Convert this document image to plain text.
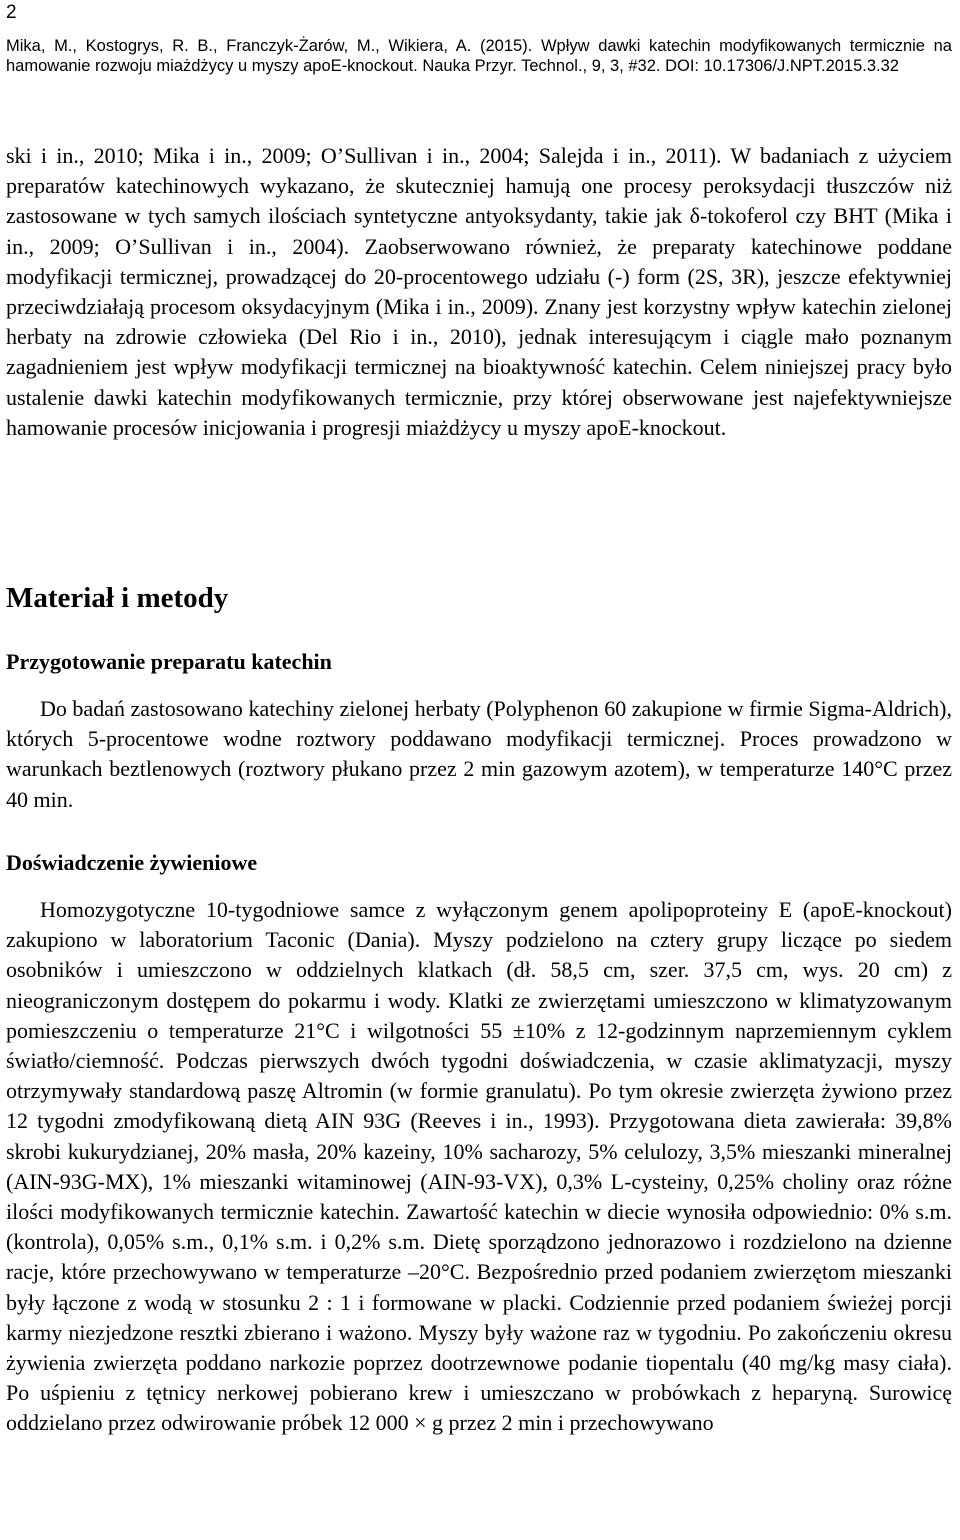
2
Mika, M., Kostogrys, R. B., Franczyk-Żarów, M., Wikiera, A. (2015). Wpływ dawki katechin modyfikowanych termicznie na hamowanie rozwoju miażdżycy u myszy apoE-knockout. Nauka Przyr. Technol., 9, 3, #32. DOI: 10.17306/J.NPT.2015.3.32

ski i in., 2010; Mika i in., 2009; O’Sullivan i in., 2004; Salejda i in., 2011). W badaniach z użyciem preparatów katechinowych wykazano, że skuteczniej hamują one procesy peroksydacji tłuszczów niż zastosowane w tych samych ilościach syntetyczne antyoksydanty, takie jak δ-tokoferol czy BHT (Mika i in., 2009; O’Sullivan i in., 2004). Zaobserwowano również, że preparaty katechinowe poddane modyfikacji termicznej, prowadzącej do 20-procentowego udziału (-) form (2S, 3R), jeszcze efektywniej przeciwdziałają procesom oksydacyjnym (Mika i in., 2009). Znany jest korzystny wpływ katechin zielonej herbaty na zdrowie człowieka (Del Rio i in., 2010), jednak interesującym i ciągle mało poznanym zagadnieniem jest wpływ modyfikacji termicznej na bioaktywność katechin. Celem niniejszej pracy było ustalenie dawki katechin modyfikowanych termicznie, przy której obserwowane jest najefektywniejsze hamowanie procesów inicjowania i progresji miażdżycy u myszy apoE-knockout.

Materiał i metody
Przygotowanie preparatu katechin

Do badań zastosowano katechiny zielonej herbaty (Polyphenon 60 zakupione w firmie Sigma-Aldrich), których 5-procentowe wodne roztwory poddawano modyfikacji termicznej. Proces prowadzono w warunkach beztlenowych (roztwory płukano przez 2 min gazowym azotem), w temperaturze 140°C przez 40 min.

Doświadczenie żywieniowe

Homozygotyczne 10-tygodniowe samce z wyłączonym genem apolipoproteiny E (apoE-knockout) zakupiono w laboratorium Taconic (Dania). Myszy podzielono na cztery grupy liczące po siedem osobników i umieszczono w oddzielnych klatkach (dł. 58,5 cm, szer. 37,5 cm, wys. 20 cm) z nieograniczonym dostępem do pokarmu i wody. Klatki ze zwierzętami umieszczono w klimatyzowanym pomieszczeniu o temperaturze 21°C i wilgotności 55 ±10% z 12-godzinnym naprzemiennym cyklem światło/ciemność. Podczas pierwszych dwóch tygodni doświadczenia, w czasie aklimatyzacji, myszy otrzymywały standardową paszę Altromin (w formie granulatu). Po tym okresie zwierzęta żywiono przez 12 tygodni zmodyfikowaną dietą AIN 93G (Reeves i in., 1993). Przygotowana dieta zawierała: 39,8% skrobi kukurydzianej, 20% masła, 20% kazeiny, 10% sacharozy, 5% celulozy, 3,5% mieszanki mineralnej (AIN-93G-MX), 1% mieszanki witaminowej (AIN-93-VX), 0,3% L-cysteiny, 0,25% choliny oraz różne ilości modyfikowanych termicznie katechin. Zawartość katechin w diecie wynosiła odpowiednio: 0% s.m. (kontrola), 0,05% s.m., 0,1% s.m. i 0,2% s.m. Dietę sporządzono jednorazowo i rozdzielono na dzienne racje, które przechowywano w temperaturze –20°C. Bezpośrednio przed podaniem zwierzętom mieszanki były łączone z wodą w stosunku 2 : 1 i formowane w placki. Codziennie przed podaniem świeżej porcji karmy niezjedzone resztki zbierano i ważono. Myszy były ważone raz w tygodniu. Po zakończeniu okresu żywienia zwierzęta poddano narkozie poprzez dootrzewnowe podanie tiopentalu (40 mg/kg masy ciała). Po uśpieniu z tętnicy nerkowej pobierano krew i umieszczano w probówkach z heparyną. Surowicę oddzielano przez odwirowanie próbek 12 000 × g przez 2 min i przechowywano
